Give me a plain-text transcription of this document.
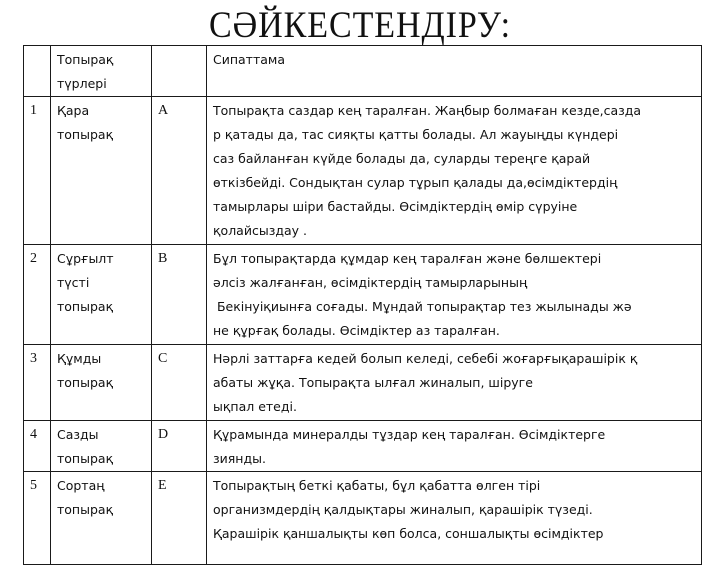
СӘЙКЕСТЕНДІРУ:

	Топырақ
түрлері		Сипаттама
1	Қара
топырақ
	A	Топырақта саздар кең таралған. Жаңбыр болмаған кезде,сазда
р қатады да, тас сияқты қатты болады. Ал жауыңды күндері
саз байланған күйде болады да, суларды тереңге қарай
өткізбейді. Сондықтан сулар тұрып қалады да,өсімдіктердің
тамырлары шіри бастайды. Өсімдіктердің өмір сүруіне
қолайсыздау .

2	Сұрғылт
түсті
топырақ	B	Бұл топырақтарда құмдар кең таралған және бөлшектері
әлсіз жалғанған, өсімдіктердің тамырларының
Бекінуіқиынға соғады. Мұндай топырақтар тез жылынады жә
не құрғақ болады. Өсімдіктер аз таралған.

3	Құмды
топырақ	C	Нәрлі заттарға кедей болып келеді, себебі жоғарғықарашірік қ
абаты жұқа. Топырақта ылғал жиналып, шіруге
ықпал етеді.

4	Сазды
топырақ	D	Құрамында минералды тұздар кең таралған. Өсімдіктерге
зиянды.

5	Сортаң
топырақ	E	Топырақтың беткі қабаты, бұл қабатта өлген тірі
организмдердің қалдықтары жиналып, қарашірік түзеді.
Қарашірік қаншалықты көп болса, соншалықты өсімдіктер
